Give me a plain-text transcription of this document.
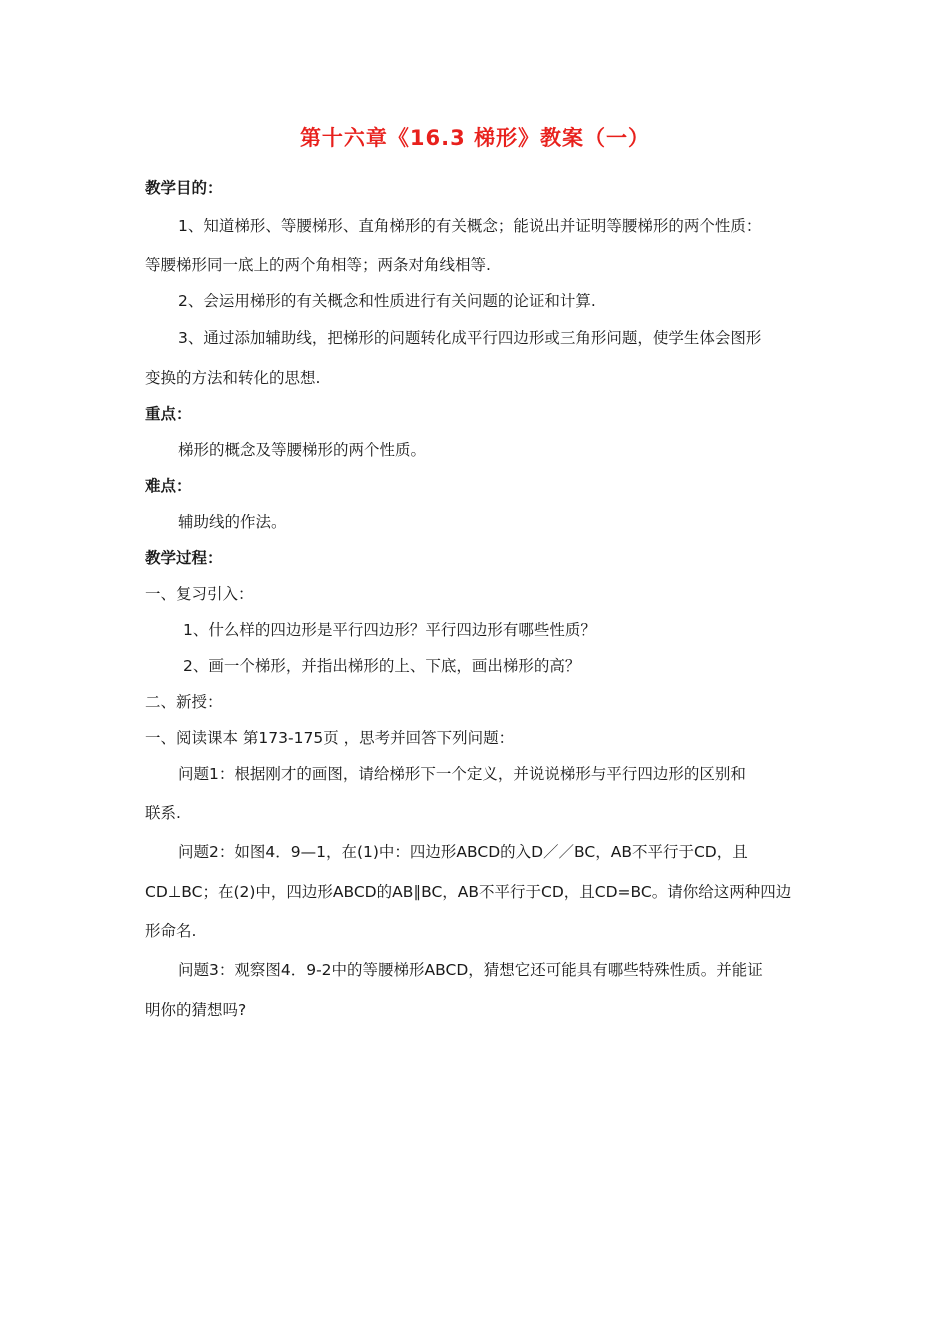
第十六章《16.3 梯形》教案（一）
教学目的：
1、知道梯形、等腰梯形、直角梯形的有关概念；能说出并证明等腰梯形的两个性质：
等腰梯形同一底上的两个角相等；两条对角线相等.
2、会运用梯形的有关概念和性质进行有关问题的论证和计算.
3、通过添加辅助线，把梯形的问题转化成平行四边形或三角形问题，使学生体会图形
变换的方法和转化的思想.
重点：
梯形的概念及等腰梯形的两个性质。
难点：
辅助线的作法。
教学过程：
一、复习引入：
1、什么样的四边形是平行四边形？平行四边形有哪些性质？
2、画一个梯形，并指出梯形的上、下底，画出梯形的高？
二、新授：
一、阅读课本 第173-175页 ，思考并回答下列问题：
问题1：根据刚才的画图，请给梯形下一个定义，并说说梯形与平行四边形的区别和
联系.
问题2：如图4．9—1，在(1)中：四边形ABCD的入D／／BC，AB不平行于CD，且
CD⊥BC；在(2)中，四边形ABCD的AB∥BC，AB不平行于CD，且CD=BC。请你给这两种四边
形命名.
问题3：观察图4．9-2中的等腰梯形ABCD，猜想它还可能具有哪些特殊性质。并能证
明你的猜想吗?
